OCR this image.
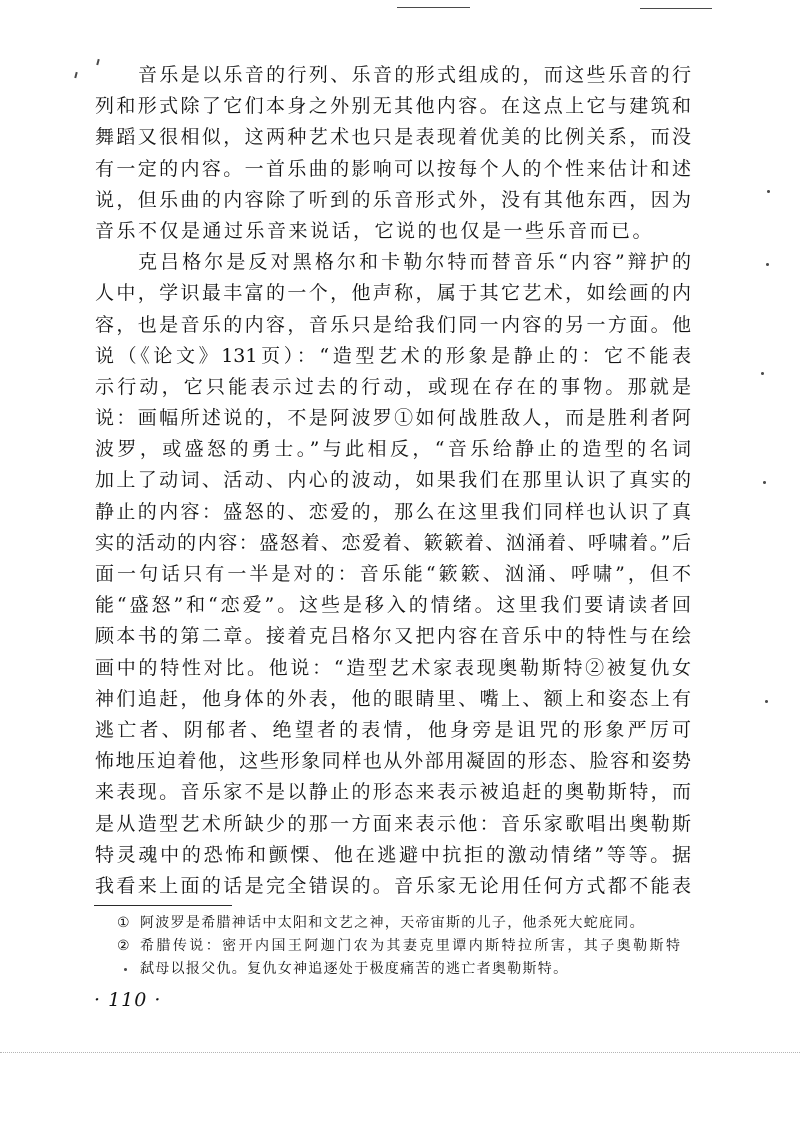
音乐是以乐音的行列、乐音的形式组成的，而这些乐音的行
列和形式除了它们本身之外别无其他内容。在这点上它与建筑和
舞蹈又很相似，这两种艺术也只是表现着优美的比例关系，而没
有一定的内容。一首乐曲的影响可以按每个人的个性来估计和述
说，但乐曲的内容除了听到的乐音形式外，没有其他东西，因为
音乐不仅是通过乐音来说话，它说的也仅是一些乐音而已。
克吕格尔是反对黑格尔和卡勒尔特而替音乐“内容”辩护的
人中，学识最丰富的一个，他声称，属于其它艺术，如绘画的内
容，也是音乐的内容，音乐只是给我们同一内容的另一方面。他
说（《论文》131页）：“造型艺术的形象是静止的：它不能表
示行动，它只能表示过去的行动，或现在存在的事物。那就是
说：画幅所述说的，不是阿波罗①如何战胜敌人，而是胜利者阿
波罗，或盛怒的勇士。”与此相反，“音乐给静止的造型的名词
加上了动词、活动、内心的波动，如果我们在那里认识了真实的
静止的内容：盛怒的、恋爱的，那么在这里我们同样也认识了真
实的活动的内容：盛怒着、恋爱着、簌簌着、汹涌着、呼啸着。”后
面一句话只有一半是对的：音乐能“簌簌、汹涌、呼啸”，但不
能“盛怒”和“恋爱”。这些是移入的情绪。这里我们要请读者回
顾本书的第二章。接着克吕格尔又把内容在音乐中的特性与在绘
画中的特性对比。他说：“造型艺术家表现奥勒斯特②被复仇女
神们追赶，他身体的外表，他的眼睛里、嘴上、额上和姿态上有
逃亡者、阴郁者、绝望者的表情，他身旁是诅咒的形象严厉可
怖地压迫着他，这些形象同样也从外部用凝固的形态、脸容和姿势
来表现。音乐家不是以静止的形态来表示被追赶的奥勒斯特，而
是从造型艺术所缺少的那一方面来表示他：音乐家歌唱出奥勒斯
特灵魂中的恐怖和颤慄、他在逃避中抗拒的激动情绪”等等。据
我看来上面的话是完全错误的。音乐家无论用任何方式都不能表
① 阿波罗是希腊神话中太阳和文艺之神，天帝宙斯的儿子，他杀死大蛇庇同。
② 希腊传说：密开内国王阿迦门农为其妻克里谭内斯特拉所害，其子奥勒斯特
弑母以报父仇。复仇女神追逐处于极度痛苦的逃亡者奥勒斯特。
· 110 ·
